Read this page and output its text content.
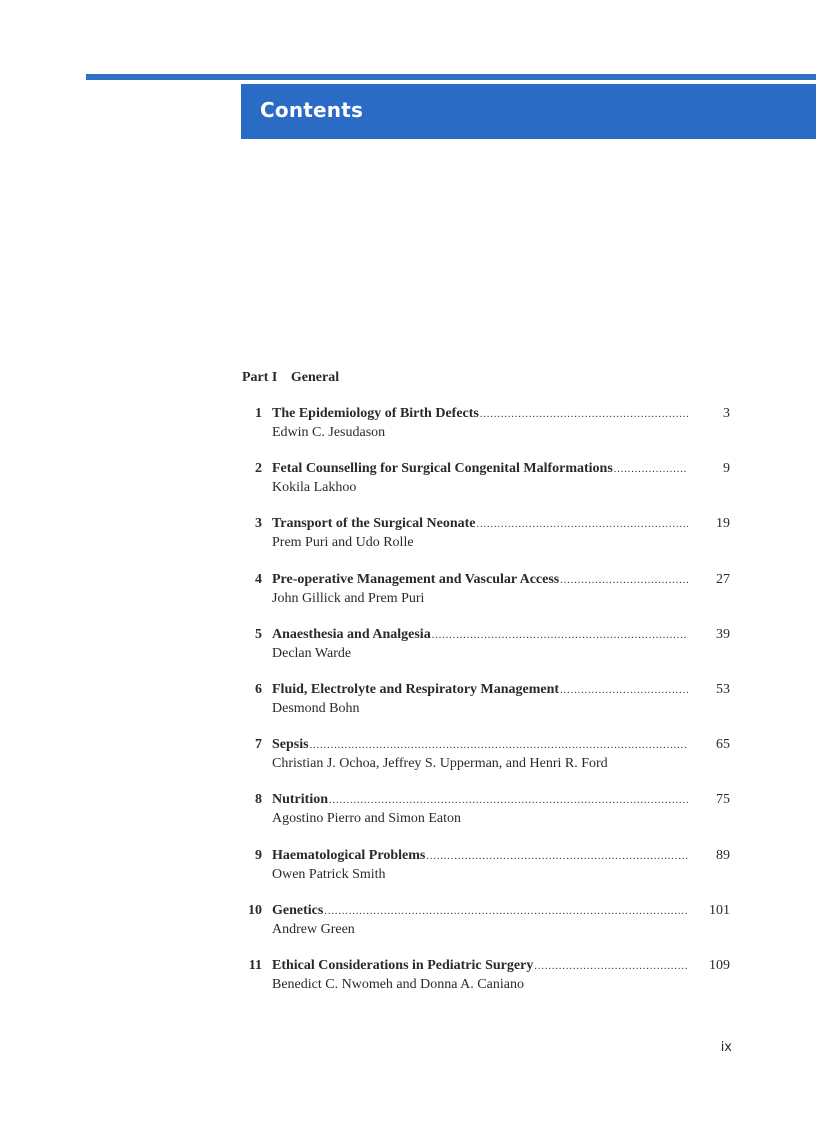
Contents
Part I General
1 The Epidemiology of Birth Defects .....	3
Edwin C. Jesudason
2 Fetal Counselling for Surgical Congenital Malformations .....	9
Kokila Lakhoo
3 Transport of the Surgical Neonate .....	19
Prem Puri and Udo Rolle
4 Pre-operative Management and Vascular Access .....	27
John Gillick and Prem Puri
5 Anaesthesia and Analgesia .....	39
Declan Warde
6 Fluid, Electrolyte and Respiratory Management .....	53
Desmond Bohn
7 Sepsis .....	65
Christian J. Ochoa, Jeffrey S. Upperman, and Henri R. Ford
8 Nutrition .....	75
Agostino Pierro and Simon Eaton
9 Haematological Problems .....	89
Owen Patrick Smith
10 Genetics .....	101
Andrew Green
11 Ethical Considerations in Pediatric Surgery .....	109
Benedict C. Nwomeh and Donna A. Caniano
ix
